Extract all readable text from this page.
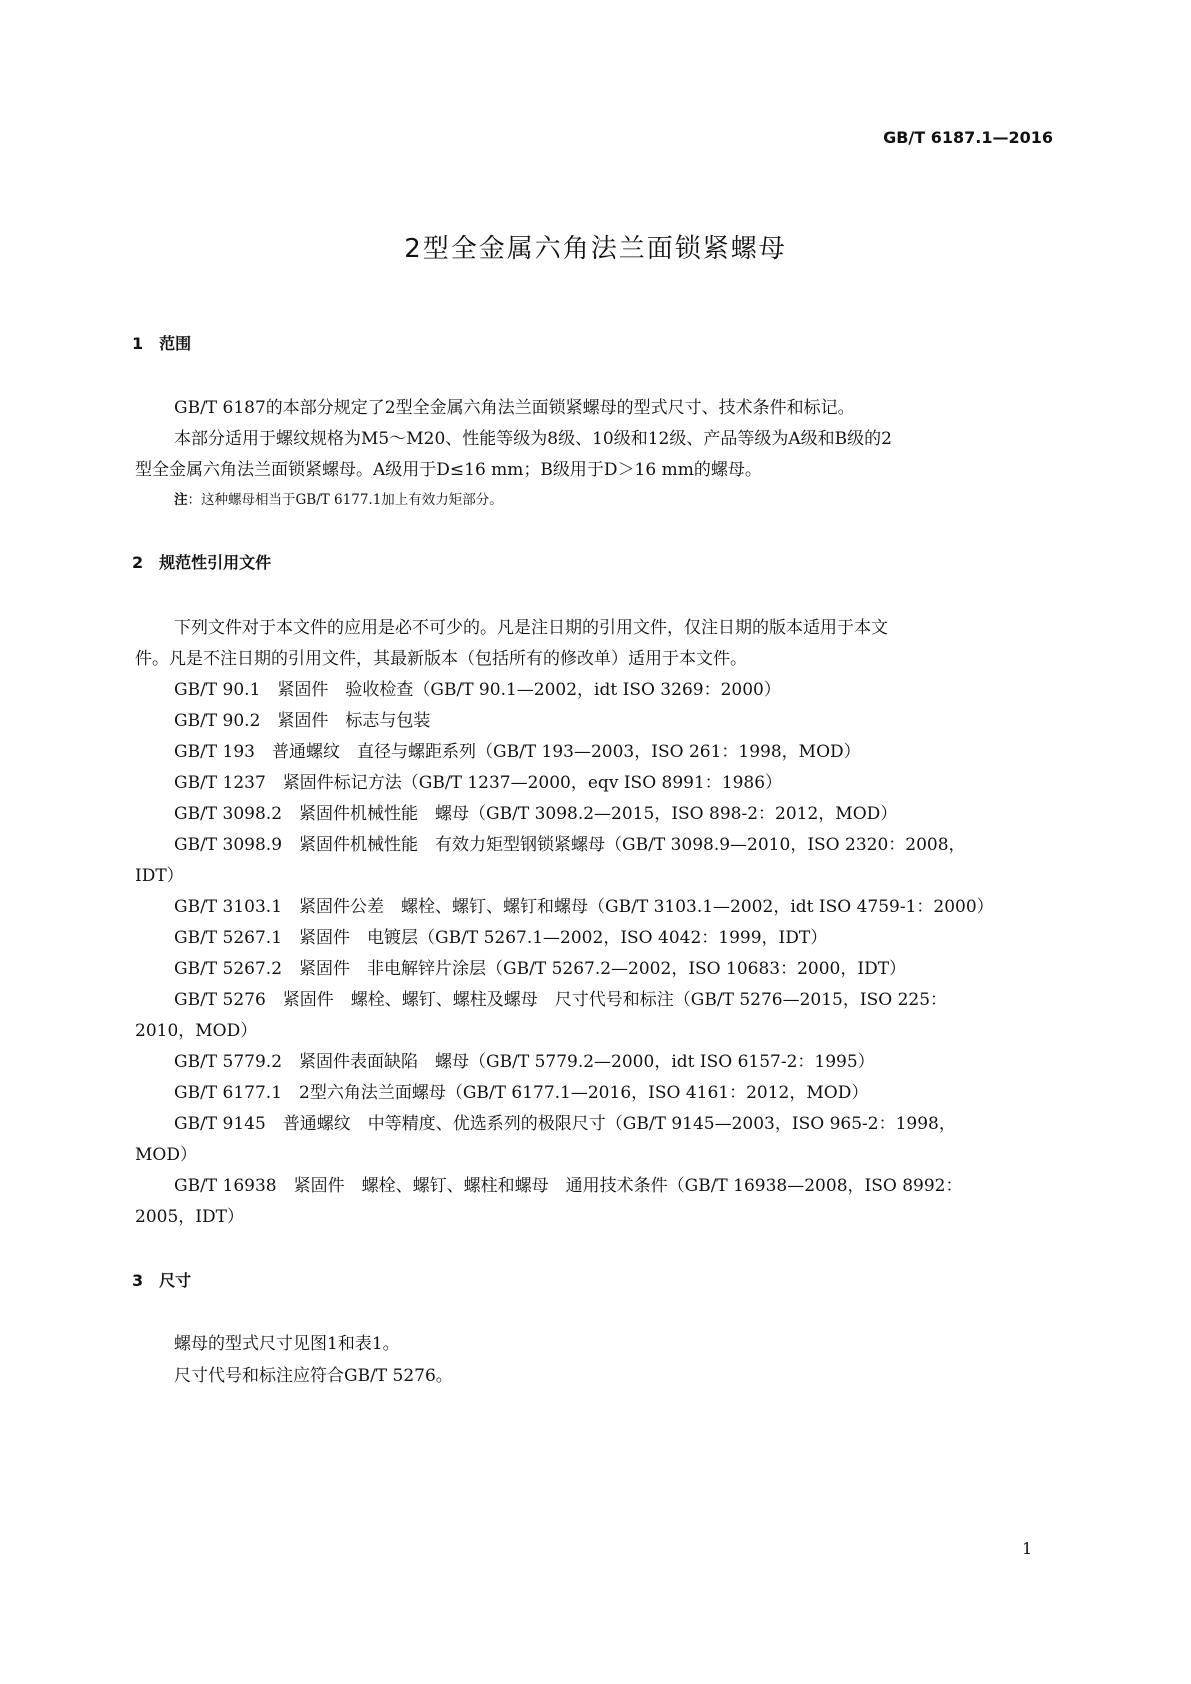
GB/T 6187.1—2016
2型全金属六角法兰面锁紧螺母
1　范围
GB/T 6187的本部分规定了2型全金属六角法兰面锁紧螺母的型式尺寸、技术条件和标记。
本部分适用于螺纹规格为M5～M20、性能等级为8级、10级和12级、产品等级为A级和B级的2
型全金属六角法兰面锁紧螺母。A级用于D≤16 mm；B级用于D＞16 mm的螺母。
注：这种螺母相当于GB/T 6177.1加上有效力矩部分。
2　规范性引用文件
下列文件对于本文件的应用是必不可少的。凡是注日期的引用文件，仅注日期的版本适用于本文
件。凡是不注日期的引用文件，其最新版本（包括所有的修改单）适用于本文件。
GB/T 90.1　紧固件　验收检查（GB/T 90.1—2002，idt ISO 3269：2000）
GB/T 90.2　紧固件　标志与包装
GB/T 193　普通螺纹　直径与螺距系列（GB/T 193—2003，ISO 261：1998，MOD）
GB/T 1237　紧固件标记方法（GB/T 1237—2000，eqv ISO 8991：1986）
GB/T 3098.2　紧固件机械性能　螺母（GB/T 3098.2—2015，ISO 898-2：2012，MOD）
GB/T 3098.9　紧固件机械性能　有效力矩型钢锁紧螺母（GB/T 3098.9—2010，ISO 2320：2008，
IDT）
GB/T 3103.1　紧固件公差　螺栓、螺钉、螺钉和螺母（GB/T 3103.1—2002，idt ISO 4759-1：2000）
GB/T 5267.1　紧固件　电镀层（GB/T 5267.1—2002，ISO 4042：1999，IDT）
GB/T 5267.2　紧固件　非电解锌片涂层（GB/T 5267.2—2002，ISO 10683：2000，IDT）
GB/T 5276　紧固件　螺栓、螺钉、螺柱及螺母　尺寸代号和标注（GB/T 5276—2015，ISO 225：
2010，MOD）
GB/T 5779.2　紧固件表面缺陷　螺母（GB/T 5779.2—2000，idt ISO 6157-2：1995）
GB/T 6177.1　2型六角法兰面螺母（GB/T 6177.1—2016，ISO 4161：2012，MOD）
GB/T 9145　普通螺纹　中等精度、优选系列的极限尺寸（GB/T 9145—2003，ISO 965-2：1998，
MOD）
GB/T 16938　紧固件　螺栓、螺钉、螺柱和螺母　通用技术条件（GB/T 16938—2008，ISO 8992：
2005，IDT）
3　尺寸
螺母的型式尺寸见图1和表1。
尺寸代号和标注应符合GB/T 5276。
1
